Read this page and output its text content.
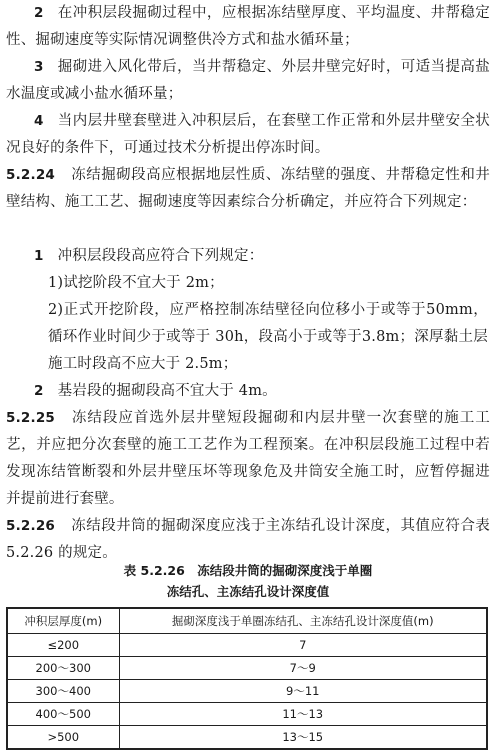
2 在冲积层段掘砌过程中，应根据冻结壁厚度、平均温度、井帮稳定性、掘砌速度等实际情况调整供冷方式和盐水循环量；
3 掘砌进入风化带后，当井帮稳定、外层井壁完好时，可适当提高盐水温度或减小盐水循环量；
4 当内层井壁套壁进入冲积层后，在套壁工作正常和外层井壁安全状况良好的条件下，可通过技术分析提出停冻时间。
5.2.24 冻结掘砌段高应根据地层性质、冻结壁的强度、井帮稳定性和井壁结构、施工工艺、掘砌速度等因素综合分析确定，并应符合下列规定：
1 冲积层段段高应符合下列规定：
1)试挖阶段不宜大于 2m；
2)正式开挖阶段，应严格控制冻结壁径向位移小于或等于50mm，循环作业时间少于或等于 30h，段高小于或等于3.8m；深厚黏土层施工时段高不应大于 2.5m；
2 基岩段的掘砌段高不宜大于 4m。
5.2.25 冻结段应首选外层井壁短段掘砌和内层井壁一次套壁的施工工艺，并应把分次套壁的施工工艺作为工程预案。在冲积层段施工过程中若发现冻结管断裂和外层井壁压坏等现象危及井筒安全施工时，应暂停掘进并提前进行套壁。
5.2.26 冻结段井筒的掘砌深度应浅于主冻结孔设计深度，其值应符合表 5.2.26 的规定。
表 5.2.26　冻结段井筒的掘砌深度浅于单圈
冻结孔、主冻结孔设计深度值
冲积层厚度(m)	掘砌深度浅于单圈冻结孔、主冻结孔设计深度值(m)
≤200	7
200～300	7～9
300～400	9～11
400～500	11～13
>500	13～15
